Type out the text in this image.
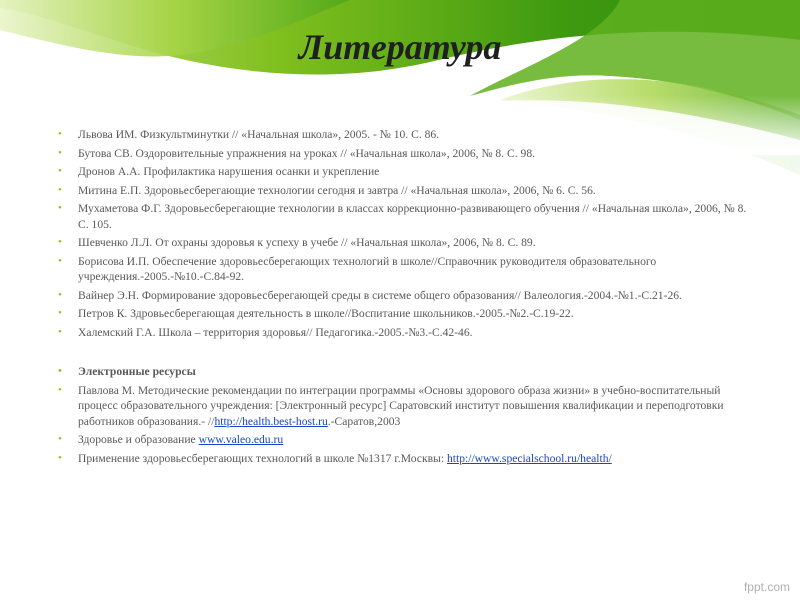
Литература
• Львова ИМ. Физкультминутки // «Начальная школа», 2005. - № 10. С. 86.
• Бутова СВ. Оздоровительные упражнения на уроках // «Начальная школа», 2006, № 8. С. 98.
• Дронов А.А. Профилактика нарушения осанки и укрепление
• Митина Е.П. Здоровьесберегающие технологии сегодня и завтра // «Начальная школа», 2006, № 6. С. 56.
• Мухаметова Ф.Г. Здоровьесберегающие технологии в классах коррекционно-развивающего обучения // «Начальная школа», 2006, № 8. С. 105.
• Шевченко Л.Л. От охраны здоровья к успеху в учебе // «Начальная школа», 2006, № 8. С. 89.
• Борисова И.П. Обеспечение здоровьесберегающих технологий в школе//Справочник руководителя образовательного учреждения.-2005.-№10.-С.84-92.
• Вайнер Э.Н. Формирование здоровьесберегающей среды в системе общего образования// Валеология.-2004.-№1.-С.21-26.
• Петров К. Здровьесберегающая деятельность в школе//Воспитание школьников.-2005.-№2.-С.19-22.
• Халемский Г.А. Школа – территория здоровья// Педагогика.-2005.-№3.-С.42-46.
• Электронные ресурсы
• Павлова М. Методические рекомендации по интеграции программы «Основы здорового образа жизни» в учебно-воспитательный процесс образовательного учреждения: [Электронный ресурс] Саратовский институт повышения квалификации и переподготовки работников образования.- //http://health.best-host.ru.-Саратов,2003
• Здоровье и образование www.valeo.edu.ru
• Применение здоровьесберегающих технологий в школе №1317 г.Москвы: http://www.specialschool.ru/health/
fppt.com
